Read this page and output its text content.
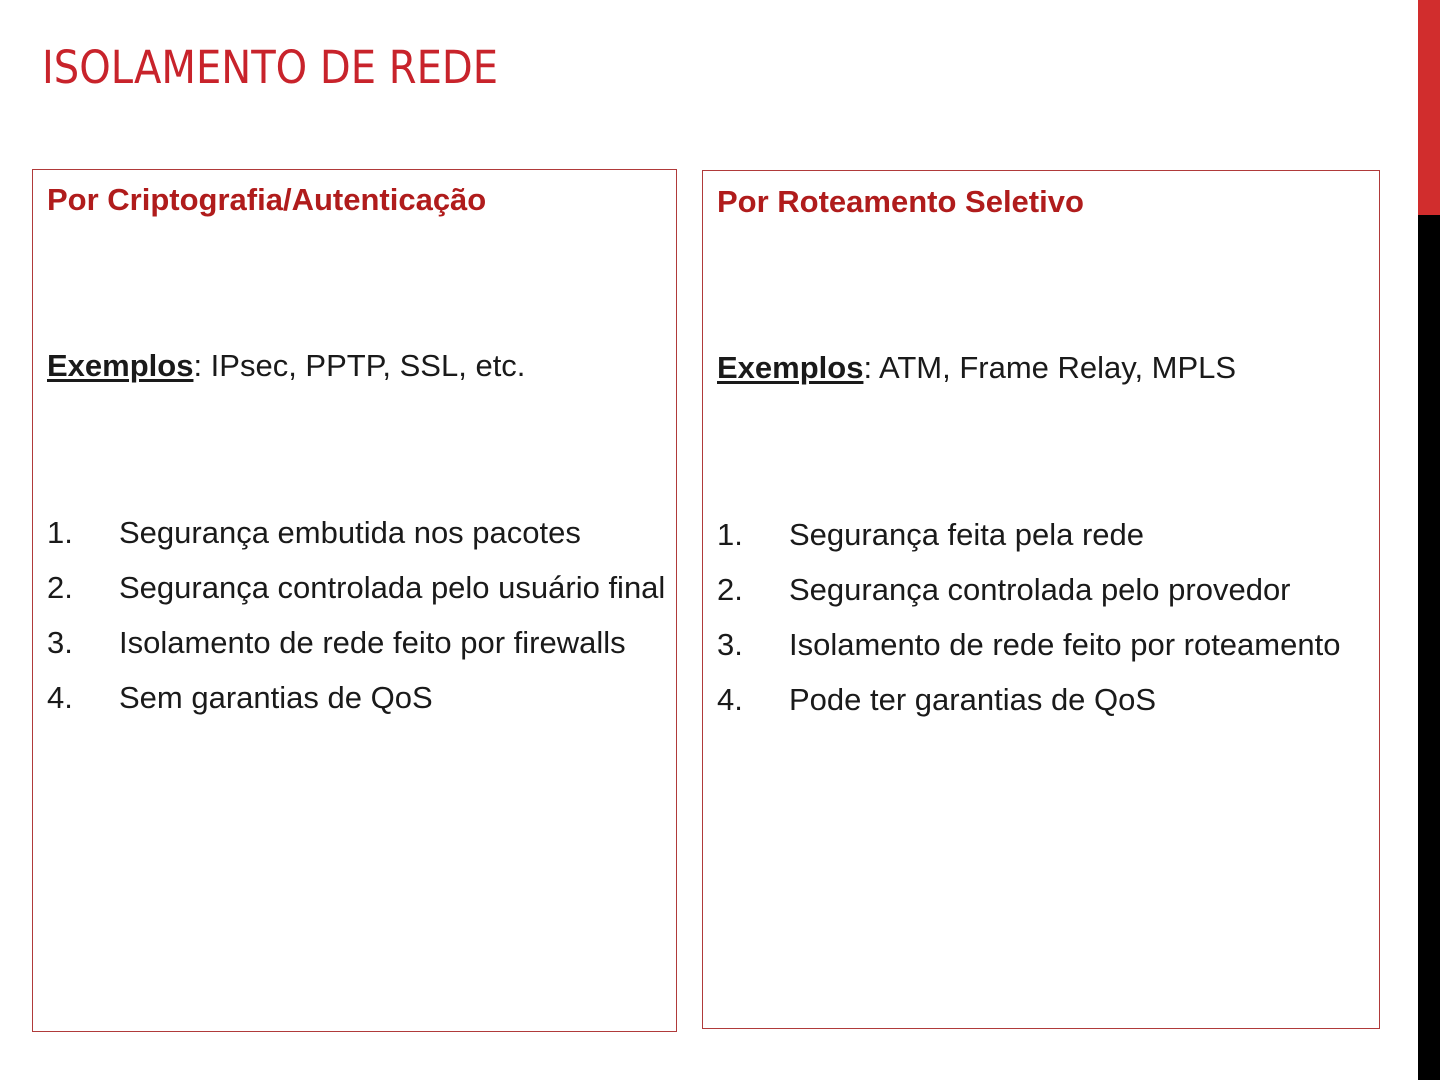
ISOLAMENTO DE REDE

Por Criptografia/Autenticação

Exemplos: IPsec, PPTP, SSL, etc.

1. Segurança embutida nos pacotes
2. Segurança controlada pelo usuário final
3. Isolamento de rede feito por firewalls
4. Sem garantias de QoS

Por Roteamento Seletivo

Exemplos: ATM, Frame Relay, MPLS

1. Segurança feita pela rede
2. Segurança controlada pelo provedor
3. Isolamento de rede feito por roteamento
4. Pode ter garantias de QoS
